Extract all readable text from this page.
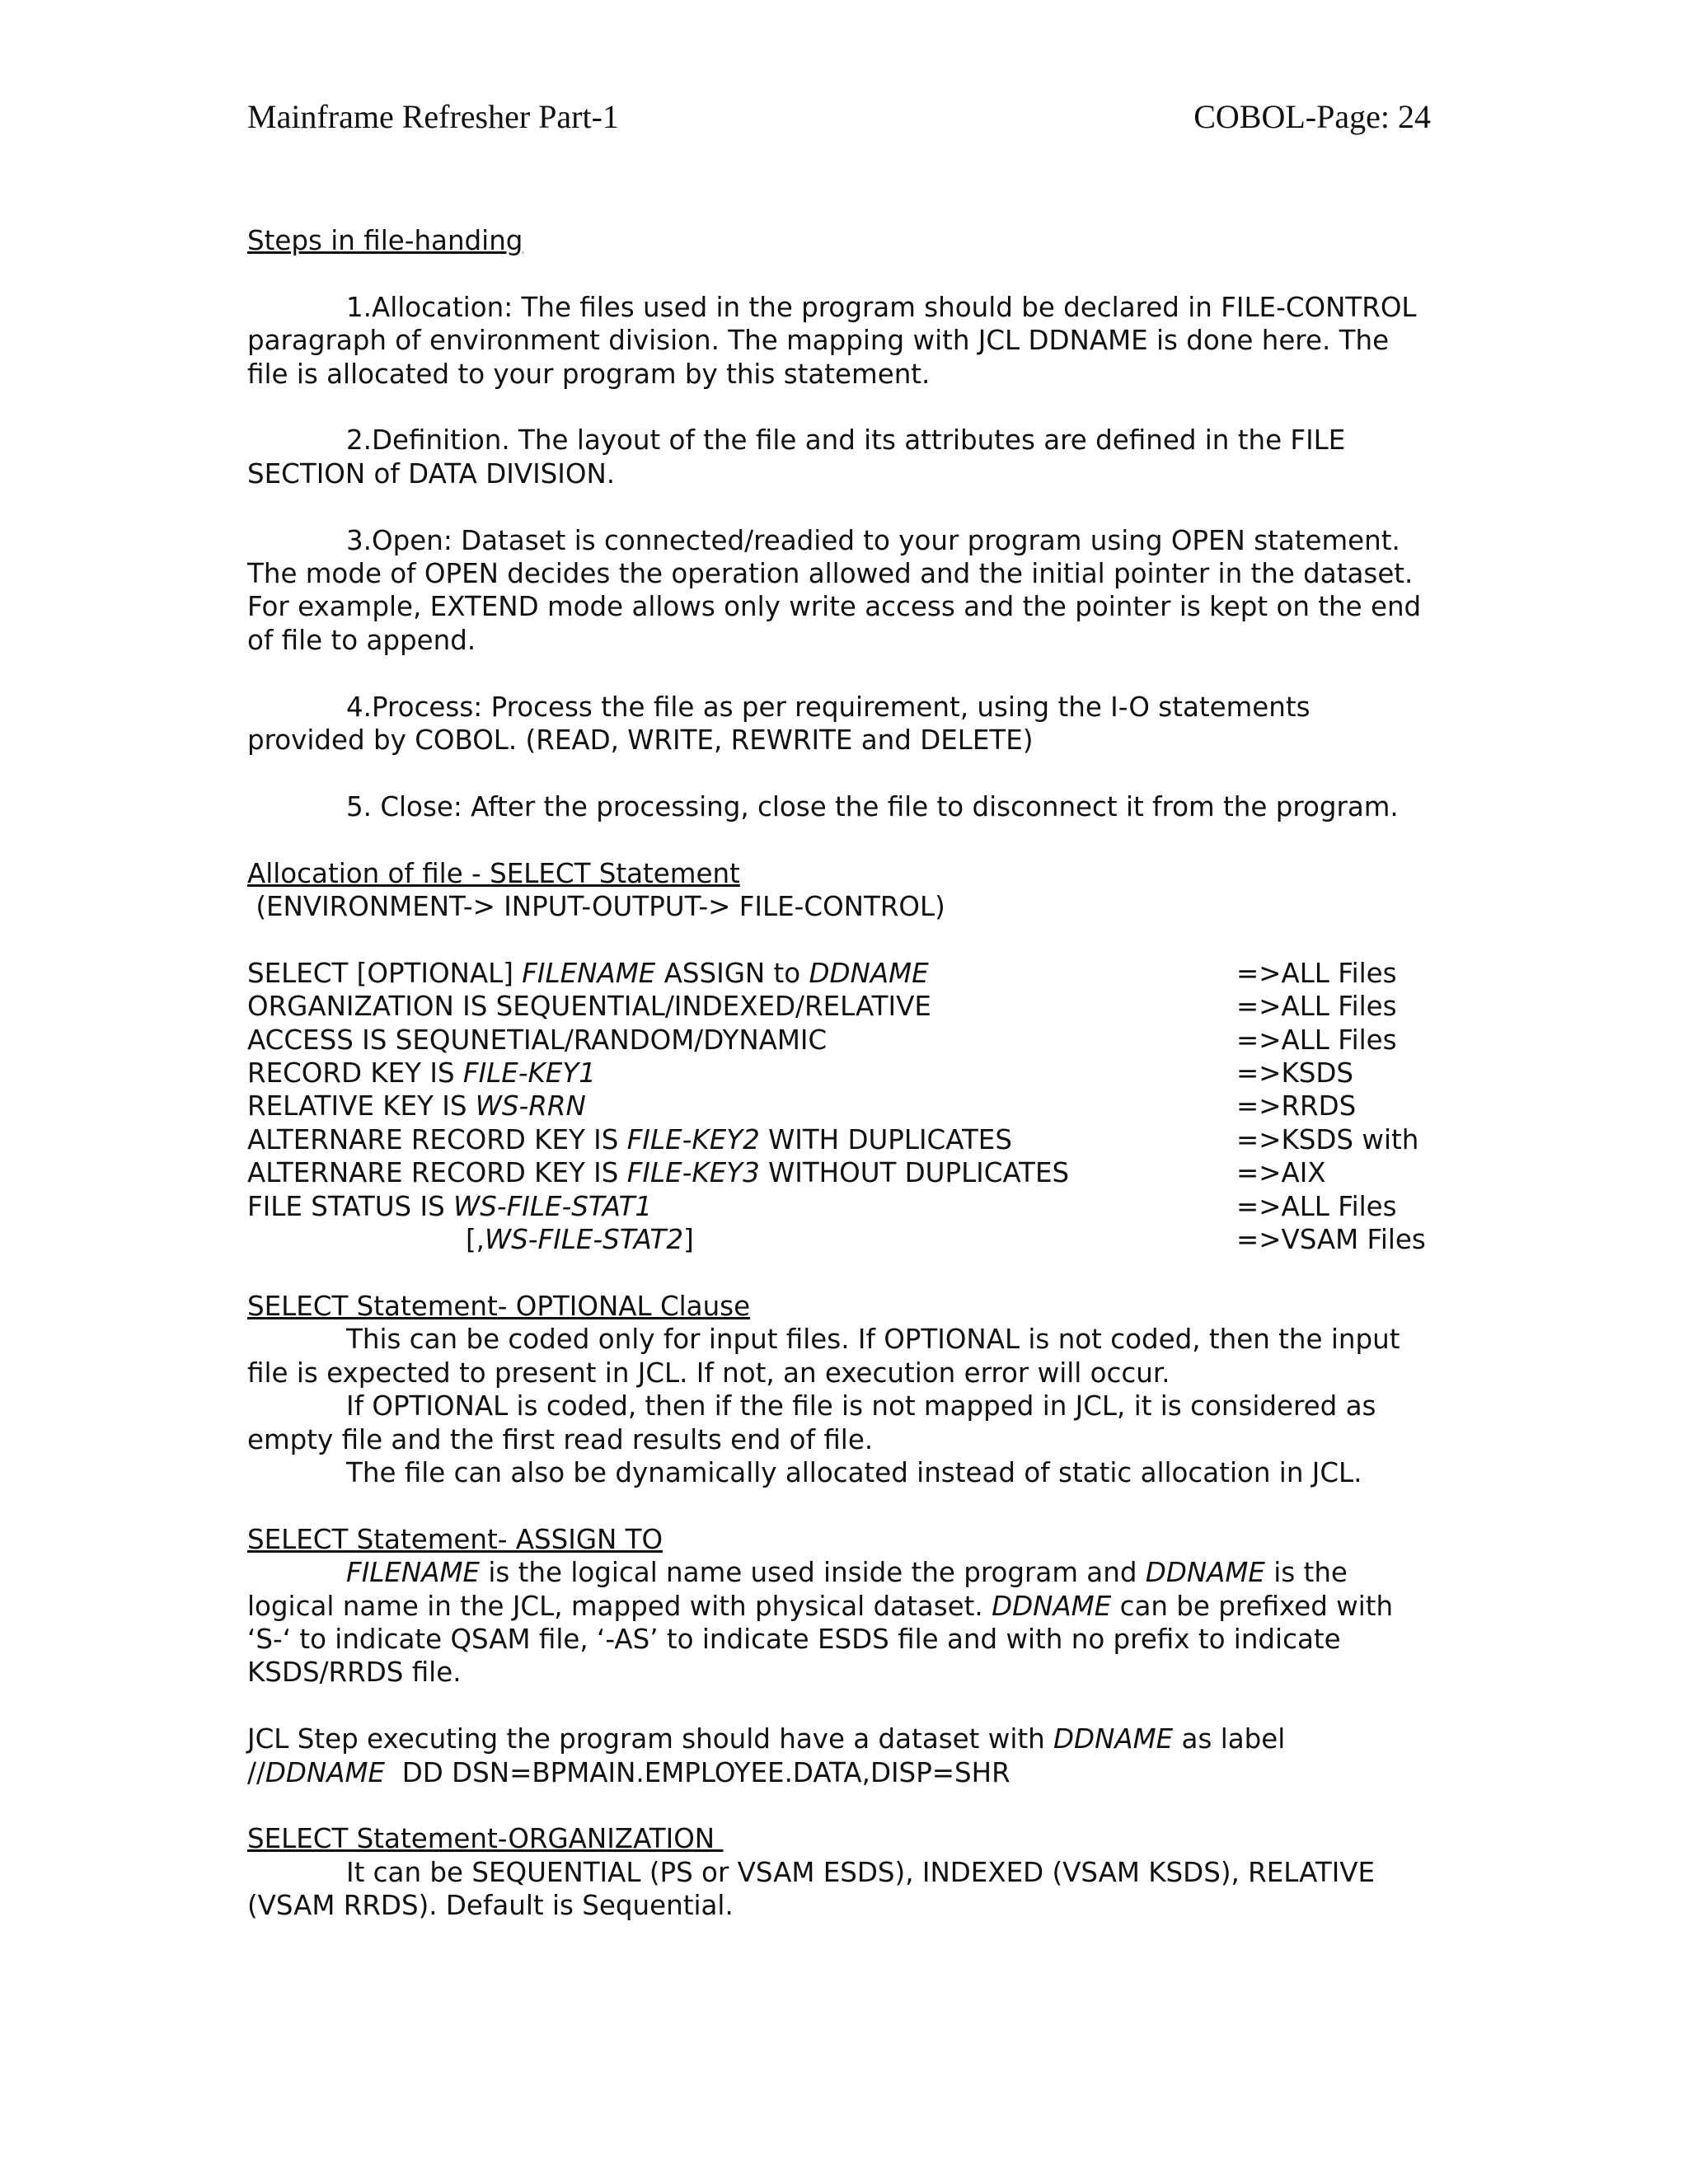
Mainframe Refresher Part-1	COBOL-Page: 24

Steps in file-handing

1.Allocation: The files used in the program should be declared in FILE-CONTROL paragraph of environment division. The mapping with JCL DDNAME is done here. The file is allocated to your program by this statement.

2.Definition. The layout of the file and its attributes are defined in the FILE SECTION of DATA DIVISION.

3.Open: Dataset is connected/readied to your program using OPEN statement. The mode of OPEN decides the operation allowed and the initial pointer in the dataset. For example, EXTEND mode allows only write access and the pointer is kept on the end of file to append.

4.Process: Process the file as per requirement, using the I-O statements provided by COBOL. (READ, WRITE, REWRITE and DELETE)

5. Close: After the processing, close the file to disconnect it from the program.

Allocation of file - SELECT Statement

(ENVIRONMENT-> INPUT-OUTPUT-> FILE-CONTROL)

SELECT [OPTIONAL] FILENAME ASSIGN to DDNAME	=>ALL Files
ORGANIZATION IS SEQUENTIAL/INDEXED/RELATIVE	=>ALL Files
ACCESS IS SEQUNETIAL/RANDOM/DYNAMIC	=>ALL Files
RECORD KEY IS FILE-KEY1	=>KSDS
RELATIVE KEY IS WS-RRN	=>RRDS
ALTERNARE RECORD KEY IS FILE-KEY2 WITH DUPLICATES	=>KSDS with
ALTERNARE RECORD KEY IS FILE-KEY3 WITHOUT DUPLICATES	=>AIX
FILE STATUS IS WS-FILE-STAT1	=>ALL Files
[,WS-FILE-STAT2]	=>VSAM Files

SELECT Statement- OPTIONAL Clause

This can be coded only for input files. If OPTIONAL is not coded, then the input file is expected to present in JCL. If not, an execution error will occur.

If OPTIONAL is coded, then if the file is not mapped in JCL, it is considered as empty file and the first read results end of file.

The file can also be dynamically allocated instead of static allocation in JCL.

SELECT Statement- ASSIGN TO

FILENAME is the logical name used inside the program and DDNAME is the logical name in the JCL, mapped with physical dataset. DDNAME can be prefixed with ‘S-‘ to indicate QSAM file, ‘-AS’ to indicate ESDS file and with no prefix to indicate KSDS/RRDS file.

JCL Step executing the program should have a dataset with DDNAME as label

//DDNAME  DD DSN=BPMAIN.EMPLOYEE.DATA,DISP=SHR

SELECT Statement-ORGANIZATION

It can be SEQUENTIAL (PS or VSAM ESDS), INDEXED (VSAM KSDS), RELATIVE (VSAM RRDS). Default is Sequential.
